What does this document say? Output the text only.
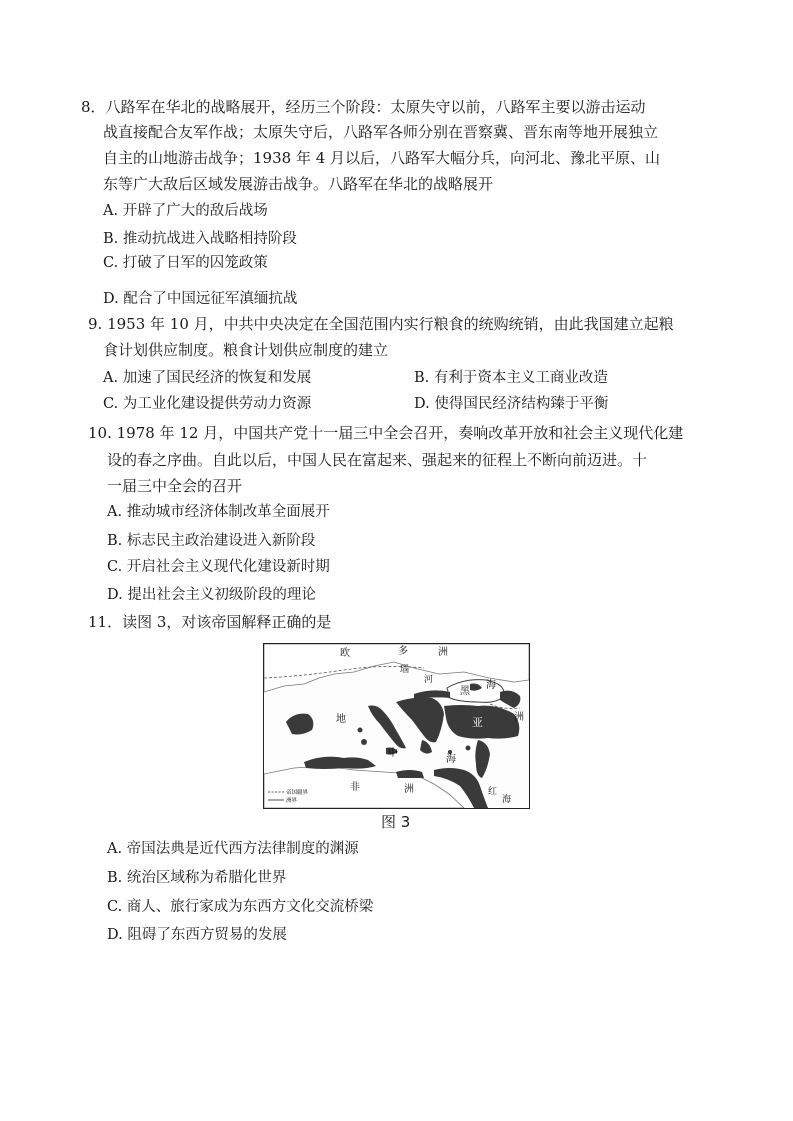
8．八路军在华北的战略展开，经历三个阶段：太原失守以前，八路军主要以游击运动
战直接配合友军作战；太原失守后，八路军各师分别在晋察冀、晋东南等地开展独立
自主的山地游击战争；1938 年 4 月以后，八路军大幅分兵，向河北、豫北平原、山
东等广大敌后区域发展游击战争。八路军在华北的战略展开
A. 开辟了广大的敌后战场
B. 推动抗战进入战略相持阶段
C. 打破了日军的囚笼政策
D. 配合了中国远征军滇缅抗战
9. 1953 年 10 月，中共中央决定在全国范围内实行粮食的统购统销，由此我国建立起粮
食计划供应制度。粮食计划供应制度的建立
A. 加速了国民经济的恢复和发展	B. 有利于资本主义工商业改造
C. 为工业化建设提供劳动力资源	D. 使得国民经济结构臻于平衡
10. 1978 年 12 月，中国共产党十一届三中全会召开，奏响改革开放和社会主义现代化建
设的春之序曲。自此以后，中国人民在富起来、强起来的征程上不断向前迈进。十
一届三中全会的召开
A. 推动城市经济体制改革全面展开
B. 标志民主政治建设进入新阶段
C. 开启社会主义现代化建设新时期
D. 提出社会主义初级阶段的理论
11．读图 3，对该帝国解释正确的是
欧	多	洲
瑙
河
黑
海
亚	洲
地
中
海
非	洲	红
海
帝国疆界
洲界
图 3
A. 帝国法典是近代西方法律制度的渊源
B. 统治区域称为希腊化世界
C. 商人、旅行家成为东西方文化交流桥梁
D. 阻碍了东西方贸易的发展
